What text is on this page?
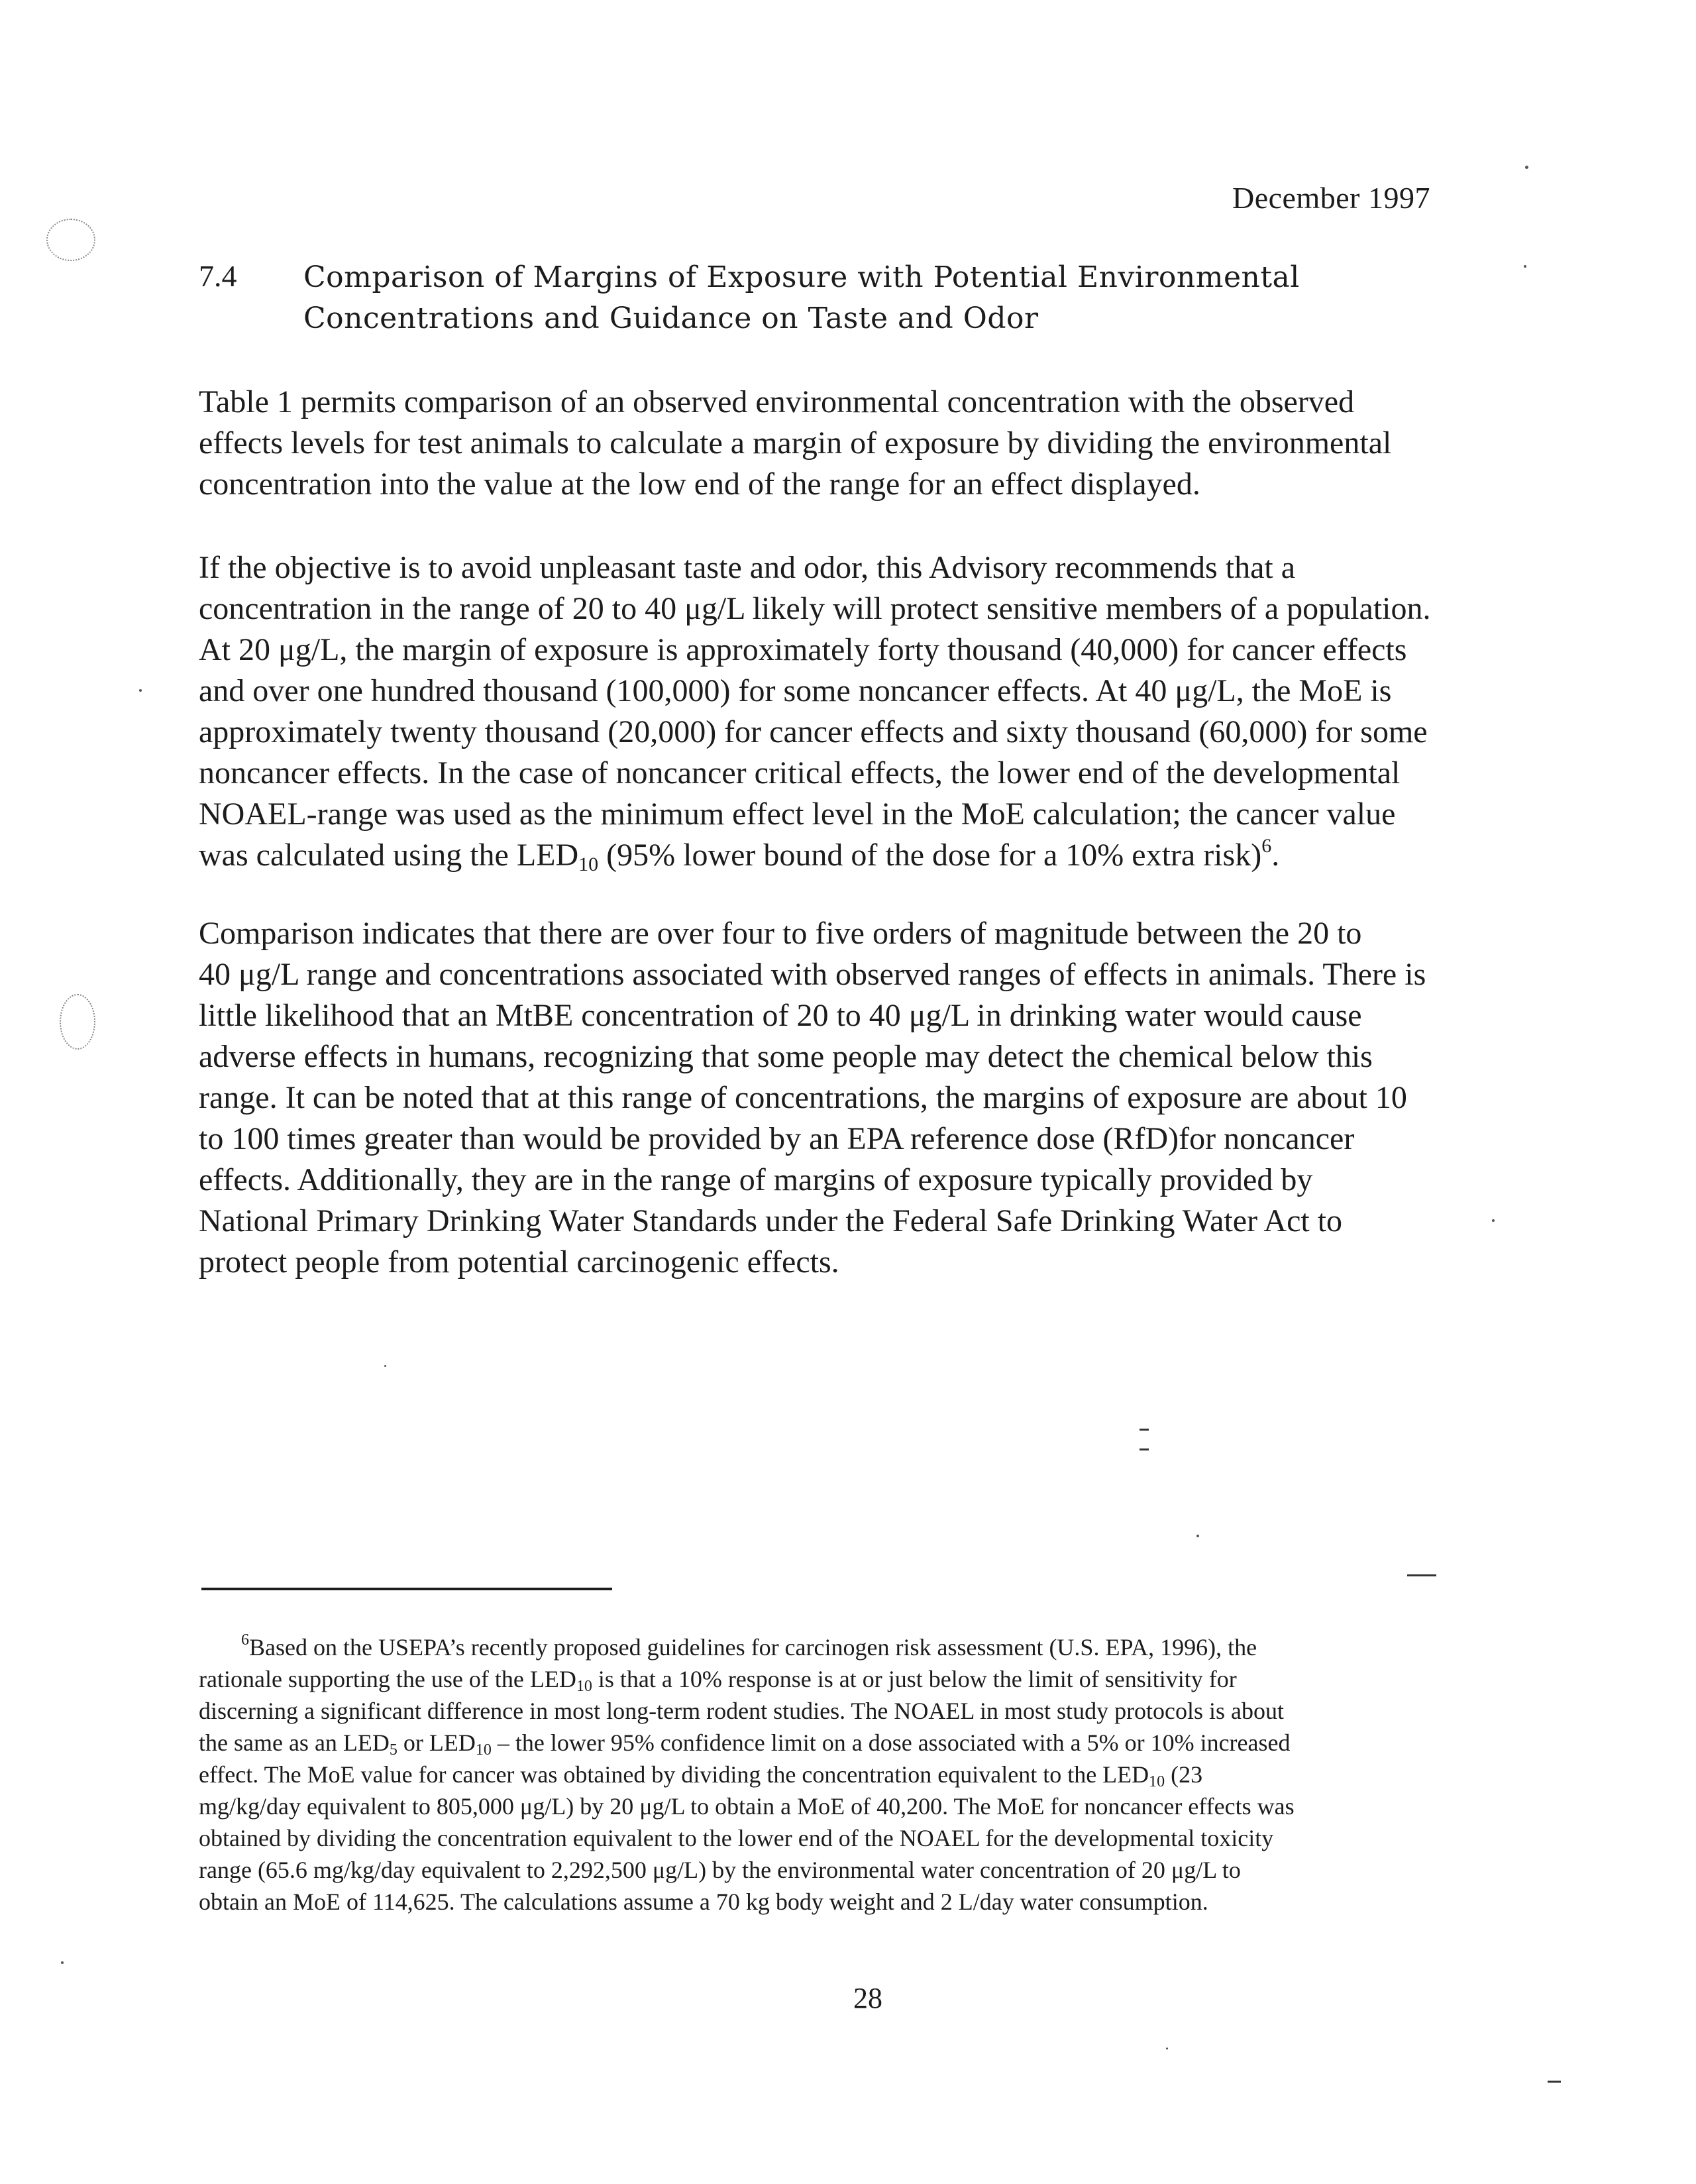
December 1997
7.4 Comparison of Margins of Exposure with Potential Environmental Concentrations and Guidance on Taste and Odor
Table 1 permits comparison of an observed environmental concentration with the observed
effects levels for test animals to calculate a margin of exposure by dividing the environmental
concentration into the value at the low end of the range for an effect displayed.
If the objective is to avoid unpleasant taste and odor, this Advisory recommends that a
concentration in the range of 20 to 40 μg/L likely will protect sensitive members of a population.
At 20 μg/L, the margin of exposure is approximately forty thousand (40,000) for cancer effects
and over one hundred thousand (100,000) for some noncancer effects. At 40 μg/L, the MoE is
approximately twenty thousand (20,000) for cancer effects and sixty thousand (60,000) for some
noncancer effects. In the case of noncancer critical effects, the lower end of the developmental
NOAEL-range was used as the minimum effect level in the MoE calculation; the cancer value
was calculated using the $LED_{10}$ (95% lower bound of the dose for a 10% extra risk)$^6$.
Comparison indicates that there are over four to five orders of magnitude between the 20 to
40 μg/L range and concentrations associated with observed ranges of effects in animals. There is
little likelihood that an MtBE concentration of 20 to 40 μg/L in drinking water would cause
adverse effects in humans, recognizing that some people may detect the chemical below this
range. It can be noted that at this range of concentrations, the margins of exposure are about 10
to 100 times greater than would be provided by an EPA reference dose (RfD)for noncancer
effects. Additionally, they are in the range of margins of exposure typically provided by
National Primary Drinking Water Standards under the Federal Safe Drinking Water Act to
protect people from potential carcinogenic effects.
$^6$Based on the USEPA’s recently proposed guidelines for carcinogen risk assessment (U.S. EPA, 1996), the
rationale supporting the use of the $LED_{10}$ is that a 10% response is at or just below the limit of sensitivity for
discerning a significant difference in most long-term rodent studies. The NOAEL in most study protocols is about
the same as an $LED_5$ or $LED_{10}$ – the lower 95% confidence limit on a dose associated with a 5% or 10% increased
effect. The MoE value for cancer was obtained by dividing the concentration equivalent to the $LED_{10}$ (23
mg/kg/day equivalent to 805,000 μg/L) by 20 μg/L to obtain a MoE of 40,200. The MoE for noncancer effects was
obtained by dividing the concentration equivalent to the lower end of the NOAEL for the developmental toxicity
range (65.6 mg/kg/day equivalent to 2,292,500 μg/L) by the environmental water concentration of 20 μg/L to
obtain an MoE of 114,625. The calculations assume a 70 kg body weight and 2 L/day water consumption.
28
